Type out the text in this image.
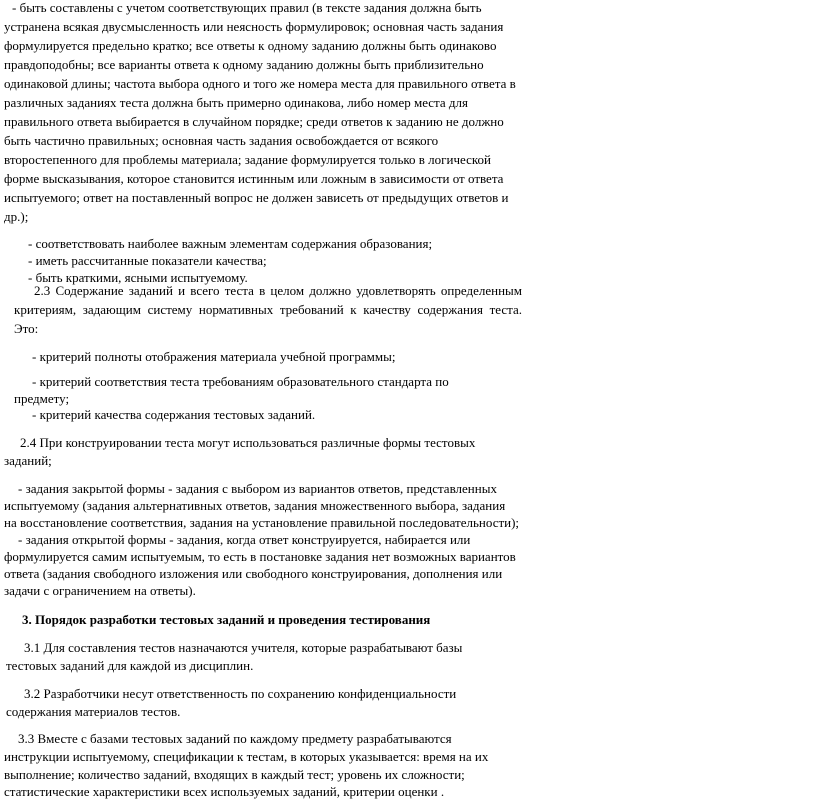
- быть составлены с учетом соответствующих правил (в тексте задания должна быть
устранена всякая двусмысленность или неясность формулировок; основная часть задания
формулируется предельно кратко; все ответы к одному заданию должны быть одинаково
правдоподобны; все варианты ответа к одному заданию должны быть приблизительно
одинаковой длины; частота выбора одного и того же номера места для правильного ответа в
различных заданиях теста должна быть примерно одинакова, либо номер места для
правильного ответа выбирается в случайном порядке; среди ответов к заданию не должно
быть частично правильных; основная часть задания освобождается от всякого
второстепенного для проблемы материала; задание формулируется только в логической
форме высказывания, которое становится истинным или ложным в зависимости от ответа
испытуемого; ответ на поставленный вопрос не должен зависеть от предыдущих ответов и
др.);
- соответствовать наиболее важным элементам содержания образования;
- иметь рассчитанные показатели качества;
- быть краткими, ясными испытуемому.
2.3 Содержание заданий и всего теста в целом должно удовлетворять определенным
критериям, задающим систему нормативных требований к качеству содержания теста.
Это:
- критерий полноты отображения материала учебной программы;
- критерий соответствия теста требованиям образовательного стандарта по
предмету;
- критерий качества содержания тестовых заданий.
2.4 При конструировании теста могут использоваться различные формы тестовых
заданий;
- задания закрытой формы - задания с выбором из вариантов ответов, представленных
испытуемому (задания альтернативных ответов, задания множественного выбора, задания
на восстановление соответствия, задания на установление правильной последовательности);
- задания открытой формы - задания, когда ответ конструируется, набирается или
формулируется самим испытуемым, то есть в постановке задания нет возможных вариантов
ответа (задания свободного изложения или свободного конструирования, дополнения или
задачи с ограничением на ответы).
3. Порядок разработки тестовых заданий и проведения тестирования
3.1 Для составления тестов назначаются учителя, которые разрабатывают базы
тестовых заданий для каждой из дисциплин.
3.2 Разработчики несут ответственность по сохранению конфиденциальности
содержания материалов тестов.
3.3 Вместе с базами тестовых заданий по каждому предмету разрабатываются
инструкции испытуемому, спецификации к тестам, в которых указывается: время на их
выполнение; количество заданий, входящих в каждый тест; уровень их сложности;
статистические характеристики всех используемых заданий, критерии оценки .
